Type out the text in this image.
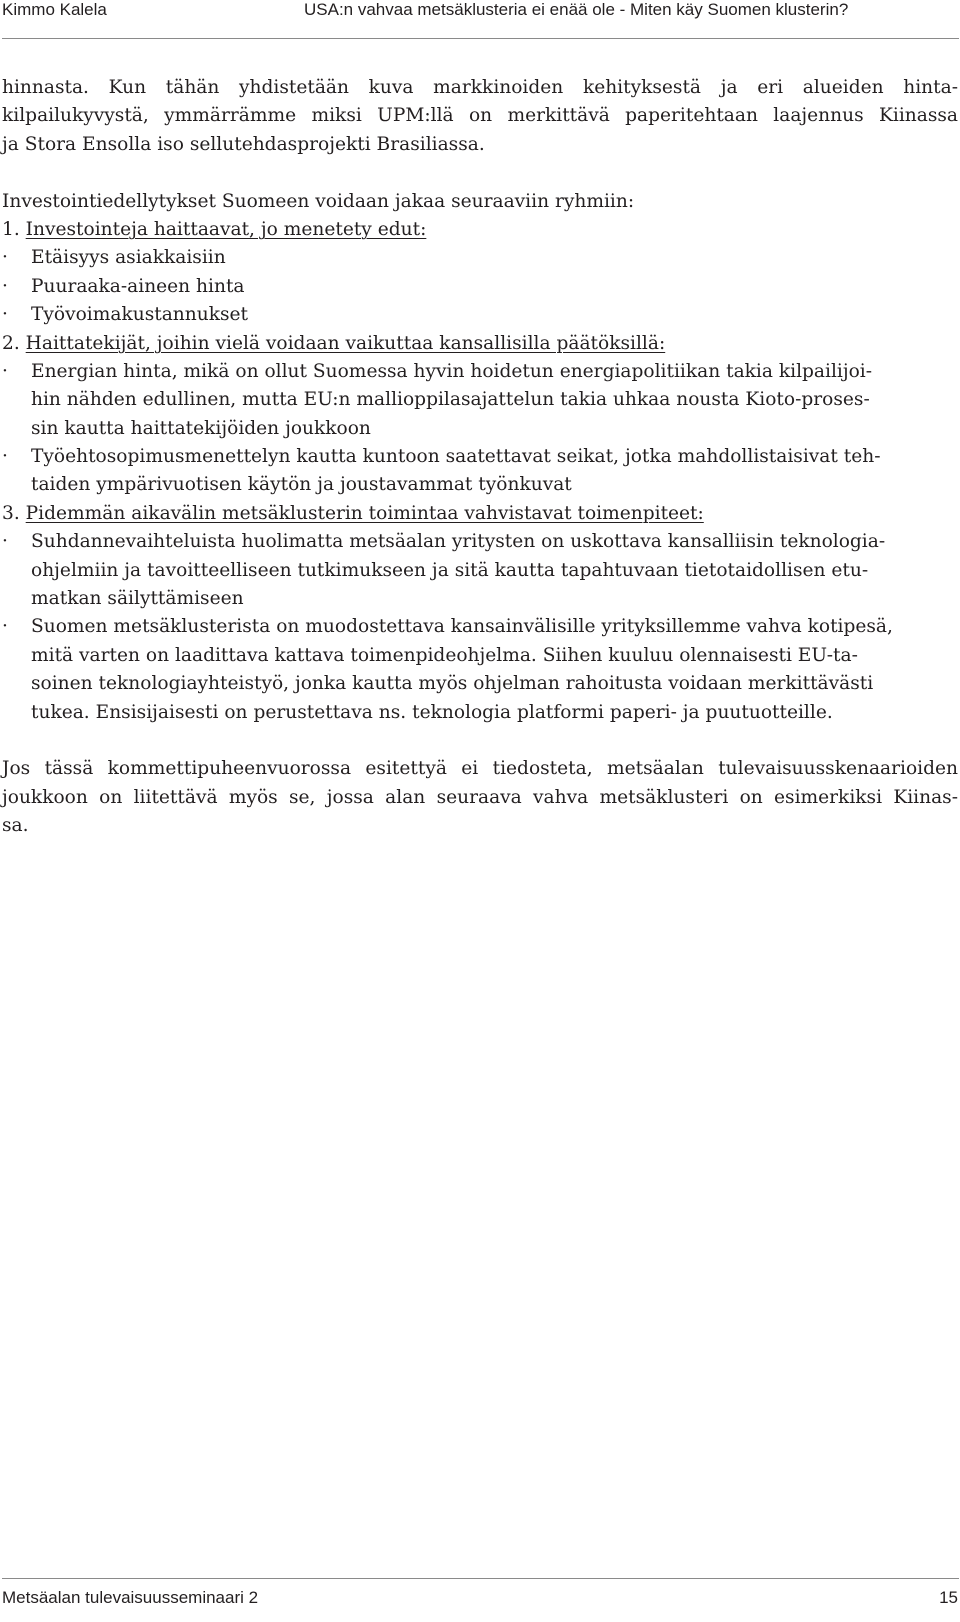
Kimmo Kalela	USA:n vahvaa metsäklusteria ei enää ole - Miten käy Suomen klusterin?
hinnasta. Kun tähän yhdistetään kuva markkinoiden kehityksestä ja eri alueiden hinta-
kilpailukyvystä, ymmärrämme miksi UPM:llä on merkittävä paperitehtaan laajennus Kiinassa
ja Stora Ensolla iso sellutehdasprojekti Brasiliassa.
Investointiedellytykset Suomeen voidaan jakaa seuraaviin ryhmiin:
1. Investointeja haittaavat, jo menetety edut:
· Etäisyys asiakkaisiin
· Puuraaka-aineen hinta
· Työvoimakustannukset
2. Haittatekijät, joihin vielä voidaan vaikuttaa kansallisilla päätöksillä:
· Energian hinta, mikä on ollut Suomessa hyvin hoidetun energiapolitiikan takia kilpailijoi-
hin nähden edullinen, mutta EU:n mallioppilasajattelun takia uhkaa nousta Kioto-proses-
sin kautta haittatekijöiden joukkoon
· Työehtosopimusmenettelyn kautta kuntoon saatettavat seikat, jotka mahdollistaisivat teh-
taiden ympärivuotisen käytön ja joustavammat työnkuvat
3. Pidemmän aikavälin metsäklusterin toimintaa vahvistavat toimenpiteet:
· Suhdannevaihteluista huolimatta metsäalan yritysten on uskottava kansalliisin teknologia-
ohjelmiin ja tavoitteelliseen tutkimukseen ja sitä kautta tapahtuvaan tietotaidollisen etu-
matkan säilyttämiseen
· Suomen metsäklusterista on muodostettava kansainvälisille yrityksillemme vahva kotipesä,
mitä varten on laadittava kattava toimenpideohjelma. Siihen kuuluu olennaisesti EU-ta-
soinen teknologiayhteistyö, jonka kautta myös ohjelman rahoitusta voidaan merkittävästi
tukea. Ensisijaisesti on perustettava ns. teknologia platformi paperi- ja puutuotteille.
Jos tässä kommettipuheenvuorossa esitettyä ei tiedosteta, metsäalan tulevaisuusskenaarioiden
joukkoon on liitettävä myös se, jossa alan seuraava vahva metsäklusteri on esimerkiksi Kiinas-
sa.
Metsäalan tulevaisuusseminaari 2	15
